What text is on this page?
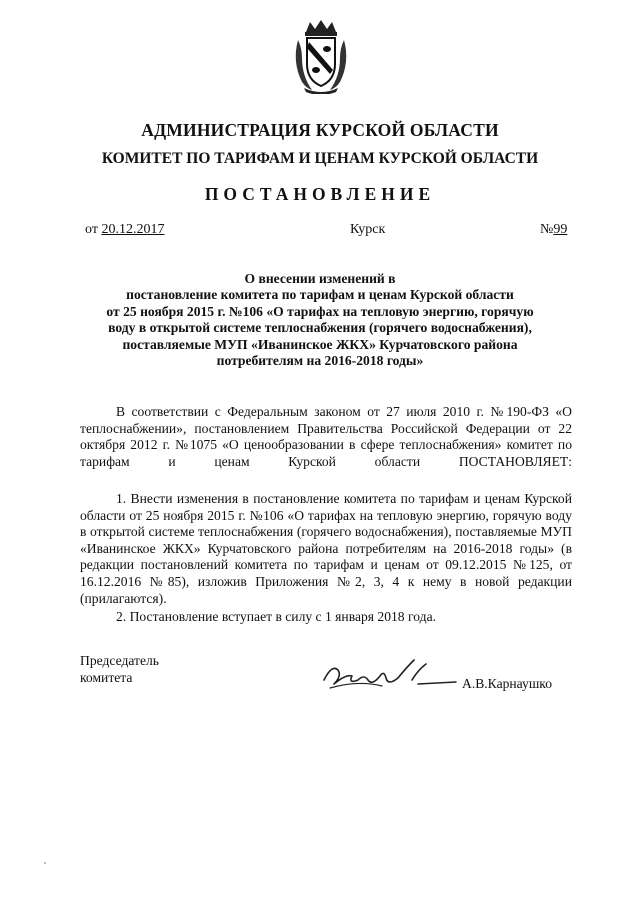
АДМИНИСТРАЦИЯ КУРСКОЙ ОБЛАСТИ
КОМИТЕТ ПО ТАРИФАМ И ЦЕНАМ КУРСКОЙ ОБЛАСТИ
ПОСТАНОВЛЕНИЕ
от 20.12.2017	Курск	№99
О внесении изменений в
постановление комитета по тарифам и ценам Курской области
от 25 ноября 2015 г. №106 «О тарифах на тепловую энергию, горячую
воду в открытой системе теплоснабжения (горячего водоснабжения),
поставляемые МУП «Иванинское ЖКХ» Курчатовского района
потребителям на 2016-2018 годы»
В соответствии с Федеральным законом от 27 июля 2010 г. №190-ФЗ «О теплоснабжении», постановлением Правительства Российской Федерации от 22 октября 2012 г. №1075 «О ценообразовании в сфере теплоснабжения» комитет по тарифам и ценам Курской области ПОСТАНОВЛЯЕТ:
1. Внести изменения в постановление комитета по тарифам и ценам Курской области от 25 ноября 2015 г. №106 «О тарифах на тепловую энергию, горячую воду в открытой системе теплоснабжения (горячего водоснабжения), поставляемые МУП «Иванинское ЖКХ» Курчатовского района потребителям на 2016-2018 годы» (в редакции постановлений комитета по тарифам и ценам от 09.12.2015 №125, от 16.12.2016 №85), изложив Приложения №2, 3, 4 к нему в новой редакции (прилагаются).
2. Постановление вступает в силу с 1 января 2018 года.
Председатель
комитета	А.В.Карнаушко
